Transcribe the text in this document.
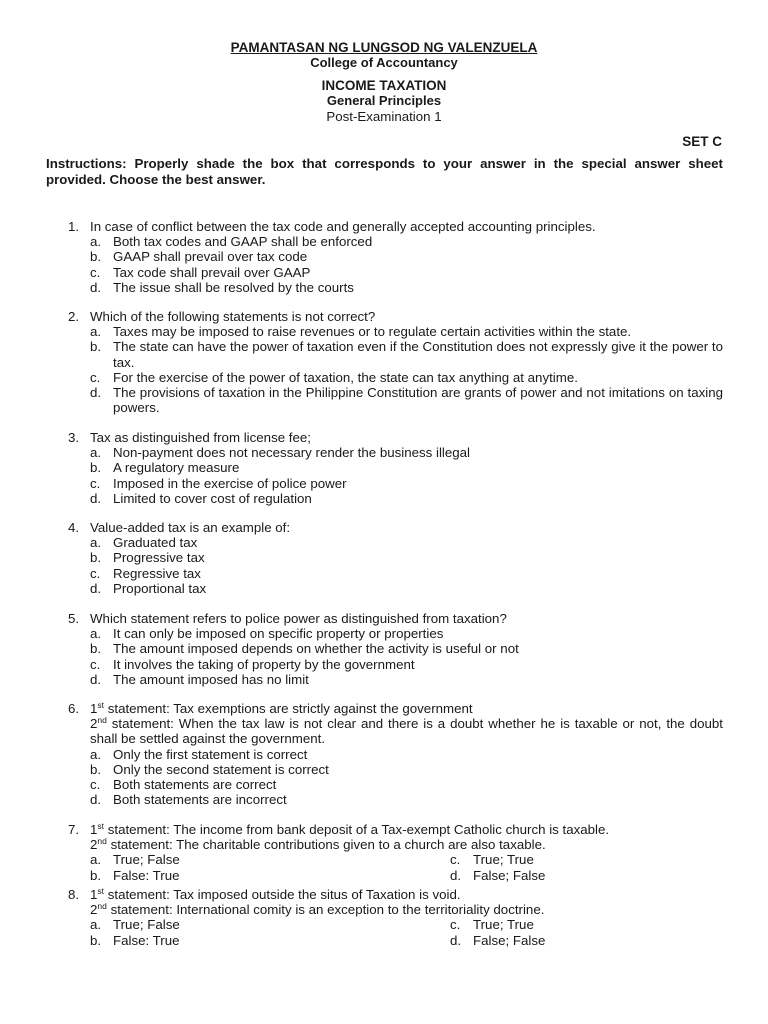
PAMANTASAN NG LUNGSOD NG VALENZUELA
College of Accountancy
INCOME TAXATION
General Principles
Post-Examination 1
SET C
Instructions: Properly shade the box that corresponds to your answer in the special answer sheet provided. Choose the best answer.
1. In case of conflict between the tax code and generally accepted accounting principles.
a. Both tax codes and GAAP shall be enforced
b. GAAP shall prevail over tax code
c. Tax code shall prevail over GAAP
d. The issue shall be resolved by the courts
2. Which of the following statements is not correct?
a. Taxes may be imposed to raise revenues or to regulate certain activities within the state.
b. The state can have the power of taxation even if the Constitution does not expressly give it the power to tax.
c. For the exercise of the power of taxation, the state can tax anything at anytime.
d. The provisions of taxation in the Philippine Constitution are grants of power and not imitations on taxing powers.
3. Tax as distinguished from license fee;
a. Non-payment does not necessary render the business illegal
b. A regulatory measure
c. Imposed in the exercise of police power
d. Limited to cover cost of regulation
4. Value-added tax is an example of:
a. Graduated tax
b. Progressive tax
c. Regressive tax
d. Proportional tax
5. Which statement refers to police power as distinguished from taxation?
a. It can only be imposed on specific property or properties
b. The amount imposed depends on whether the activity is useful or not
c. It involves the taking of property by the government
d. The amount imposed has no limit
6. 1st statement: Tax exemptions are strictly against the government
2nd statement: When the tax law is not clear and there is a doubt whether he is taxable or not, the doubt shall be settled against the government.
a. Only the first statement is correct
b. Only the second statement is correct
c. Both statements are correct
d. Both statements are incorrect
7. 1st statement: The income from bank deposit of a Tax-exempt Catholic church is taxable.
2nd statement: The charitable contributions given to a church are also taxable.
a. True; False	c. True; True
b. False: True	d. False; False
8. 1st statement: Tax imposed outside the situs of Taxation is void.
2nd statement: International comity is an exception to the territoriality doctrine.
a. True; False	c. True; True
b. False: True	d. False; False
